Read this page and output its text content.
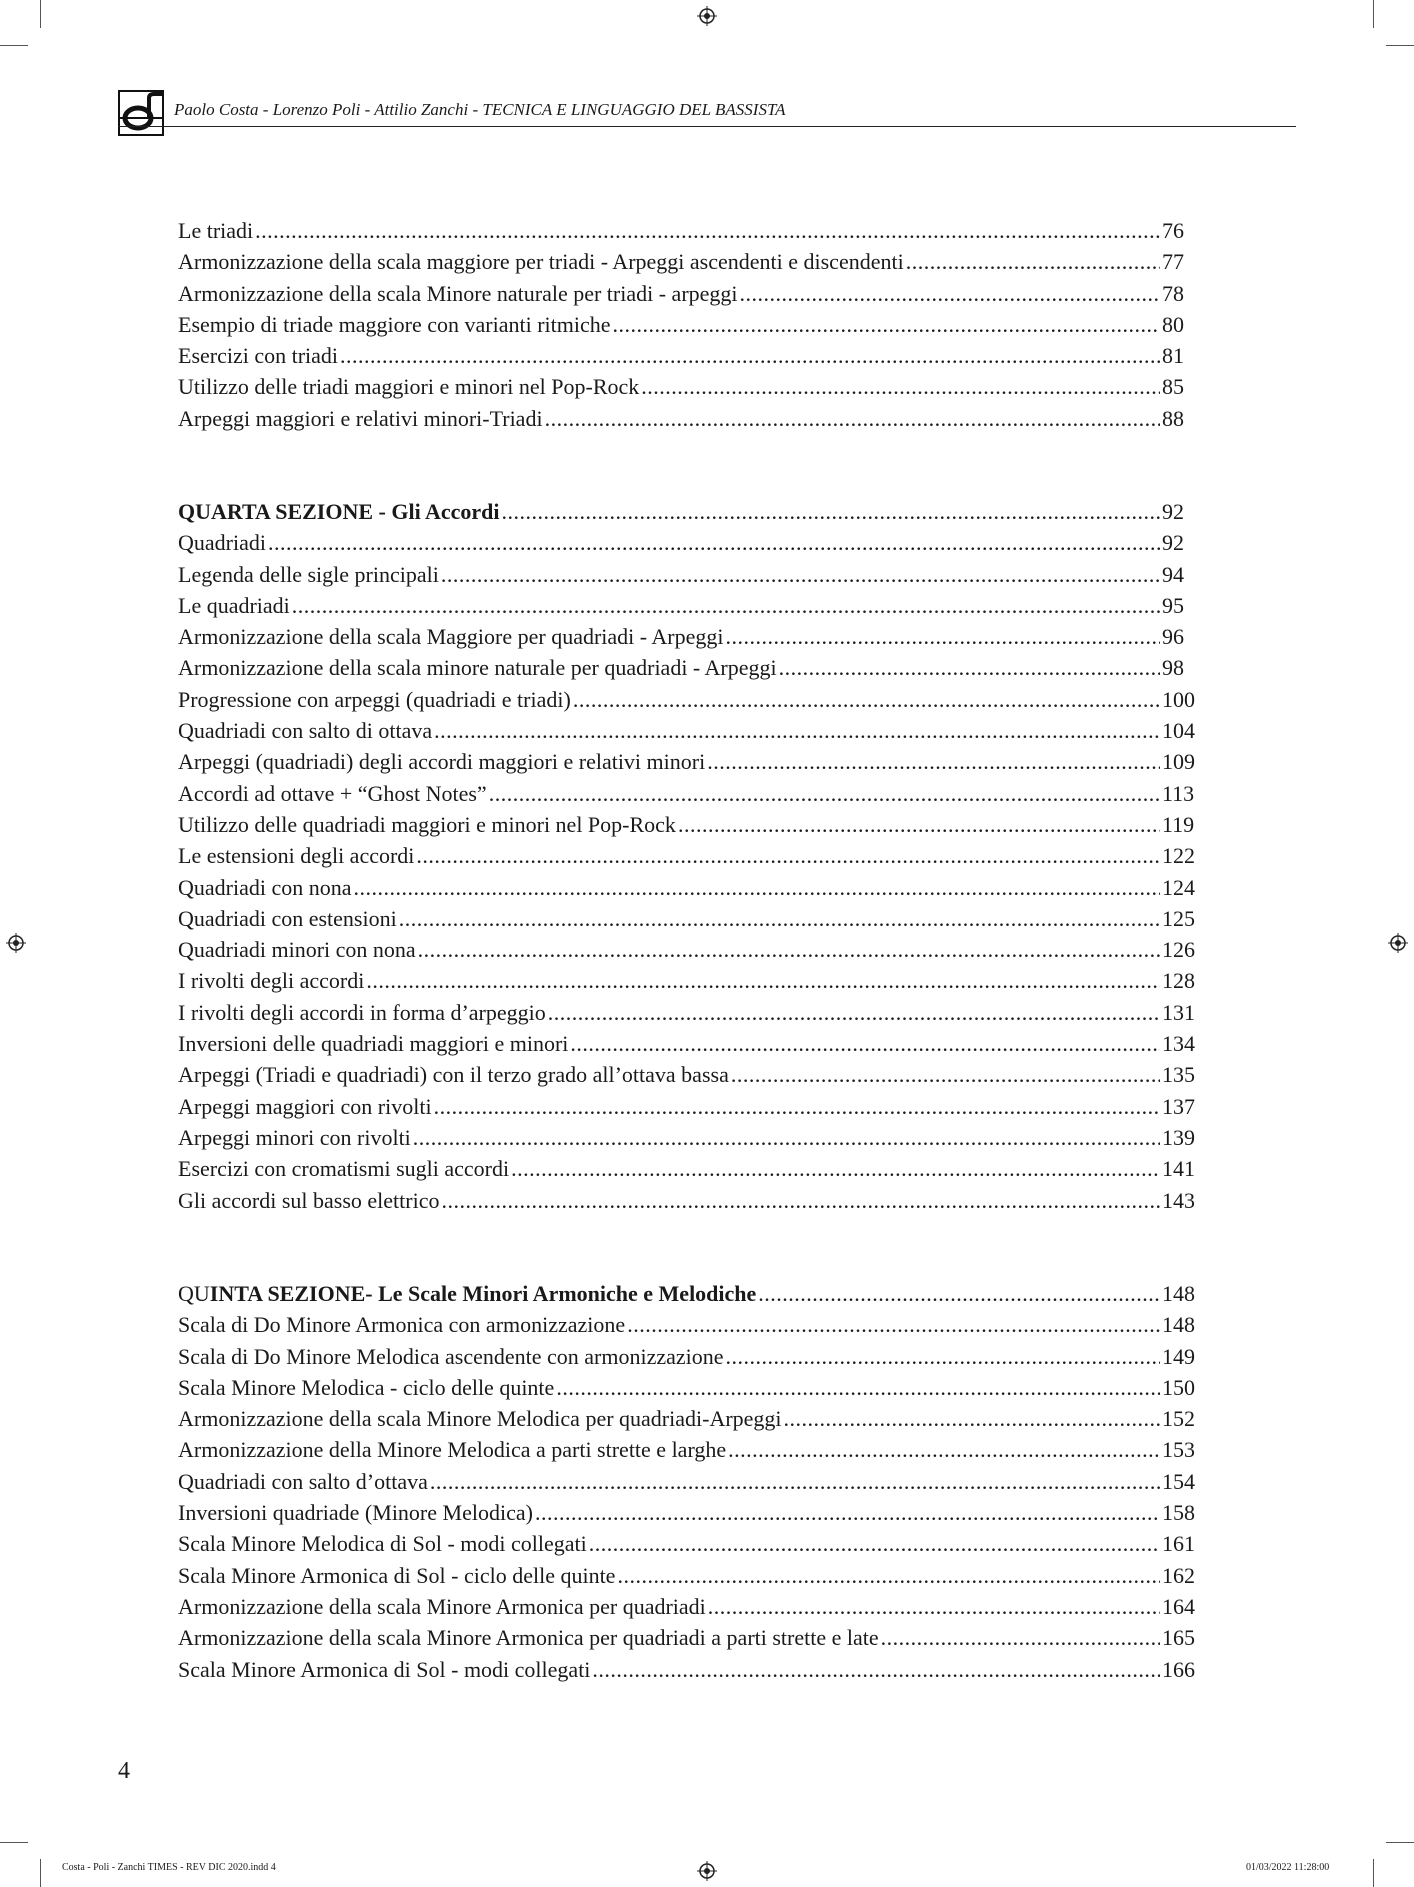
Paolo Costa - Lorenzo Poli - Attilio Zanchi - TECNICA E LINGUAGGIO DEL BASSISTA
Le triadi .....	76
Armonizzazione della scala maggiore per triadi - Arpeggi ascendenti e discendenti .....	77
Armonizzazione della scala Minore naturale per triadi - arpeggi .....	78
Esempio di triade maggiore con varianti ritmiche .....	80
Esercizi con triadi .....	81
Utilizzo delle triadi maggiori e minori nel Pop-Rock .....	85
Arpeggi maggiori e relativi minori-Triadi .....	88
QUARTA SEZIONE - Gli Accordi .....	92
Quadriadi .....	92
Legenda delle sigle principali .....	94
Le quadriadi .....	95
Armonizzazione della scala Maggiore per quadriadi - Arpeggi .....	96
Armonizzazione della scala minore naturale per quadriadi - Arpeggi .....	98
Progressione con arpeggi (quadriadi e triadi) .....	100
Quadriadi con salto di ottava .....	104
Arpeggi (quadriadi) degli accordi maggiori e relativi minori .....	109
Accordi ad ottave + “Ghost Notes” .....	113
Utilizzo delle quadriadi maggiori e minori nel Pop-Rock .....	119
Le estensioni degli accordi .....	122
Quadriadi con nona .....	124
Quadriadi con estensioni .....	125
Quadriadi minori con nona .....	126
I rivolti degli accordi .....	128
I rivolti degli accordi in forma d’arpeggio .....	131
Inversioni delle quadriadi maggiori e minori .....	134
Arpeggi (Triadi e quadriadi) con il terzo grado all’ottava bassa .....	135
Arpeggi maggiori con rivolti .....	137
Arpeggi minori con rivolti .....	139
Esercizi con cromatismi sugli accordi .....	141
Gli accordi sul basso elettrico .....	143
QUINTA SEZIONE- Le Scale Minori Armoniche e Melodiche .....	148
Scala di Do Minore Armonica con armonizzazione .....	148
Scala di Do Minore Melodica ascendente con armonizzazione .....	149
Scala Minore Melodica - ciclo delle quinte .....	150
Armonizzazione della scala Minore Melodica per quadriadi-Arpeggi .....	152
Armonizzazione della Minore Melodica a parti strette e larghe .....	153
Quadriadi con salto d’ottava .....	154
Inversioni quadriade (Minore Melodica) .....	158
Scala Minore Melodica di Sol - modi collegati .....	161
Scala Minore Armonica di Sol - ciclo delle quinte .....	162
Armonizzazione della scala Minore Armonica per quadriadi .....	164
Armonizzazione della scala Minore Armonica per quadriadi a parti strette e late .....	165
Scala Minore Armonica di Sol - modi collegati .....	166
4
Costa - Poli - Zanchi TIMES - REV DIC 2020.indd 4	01/03/2022 11:28:00
